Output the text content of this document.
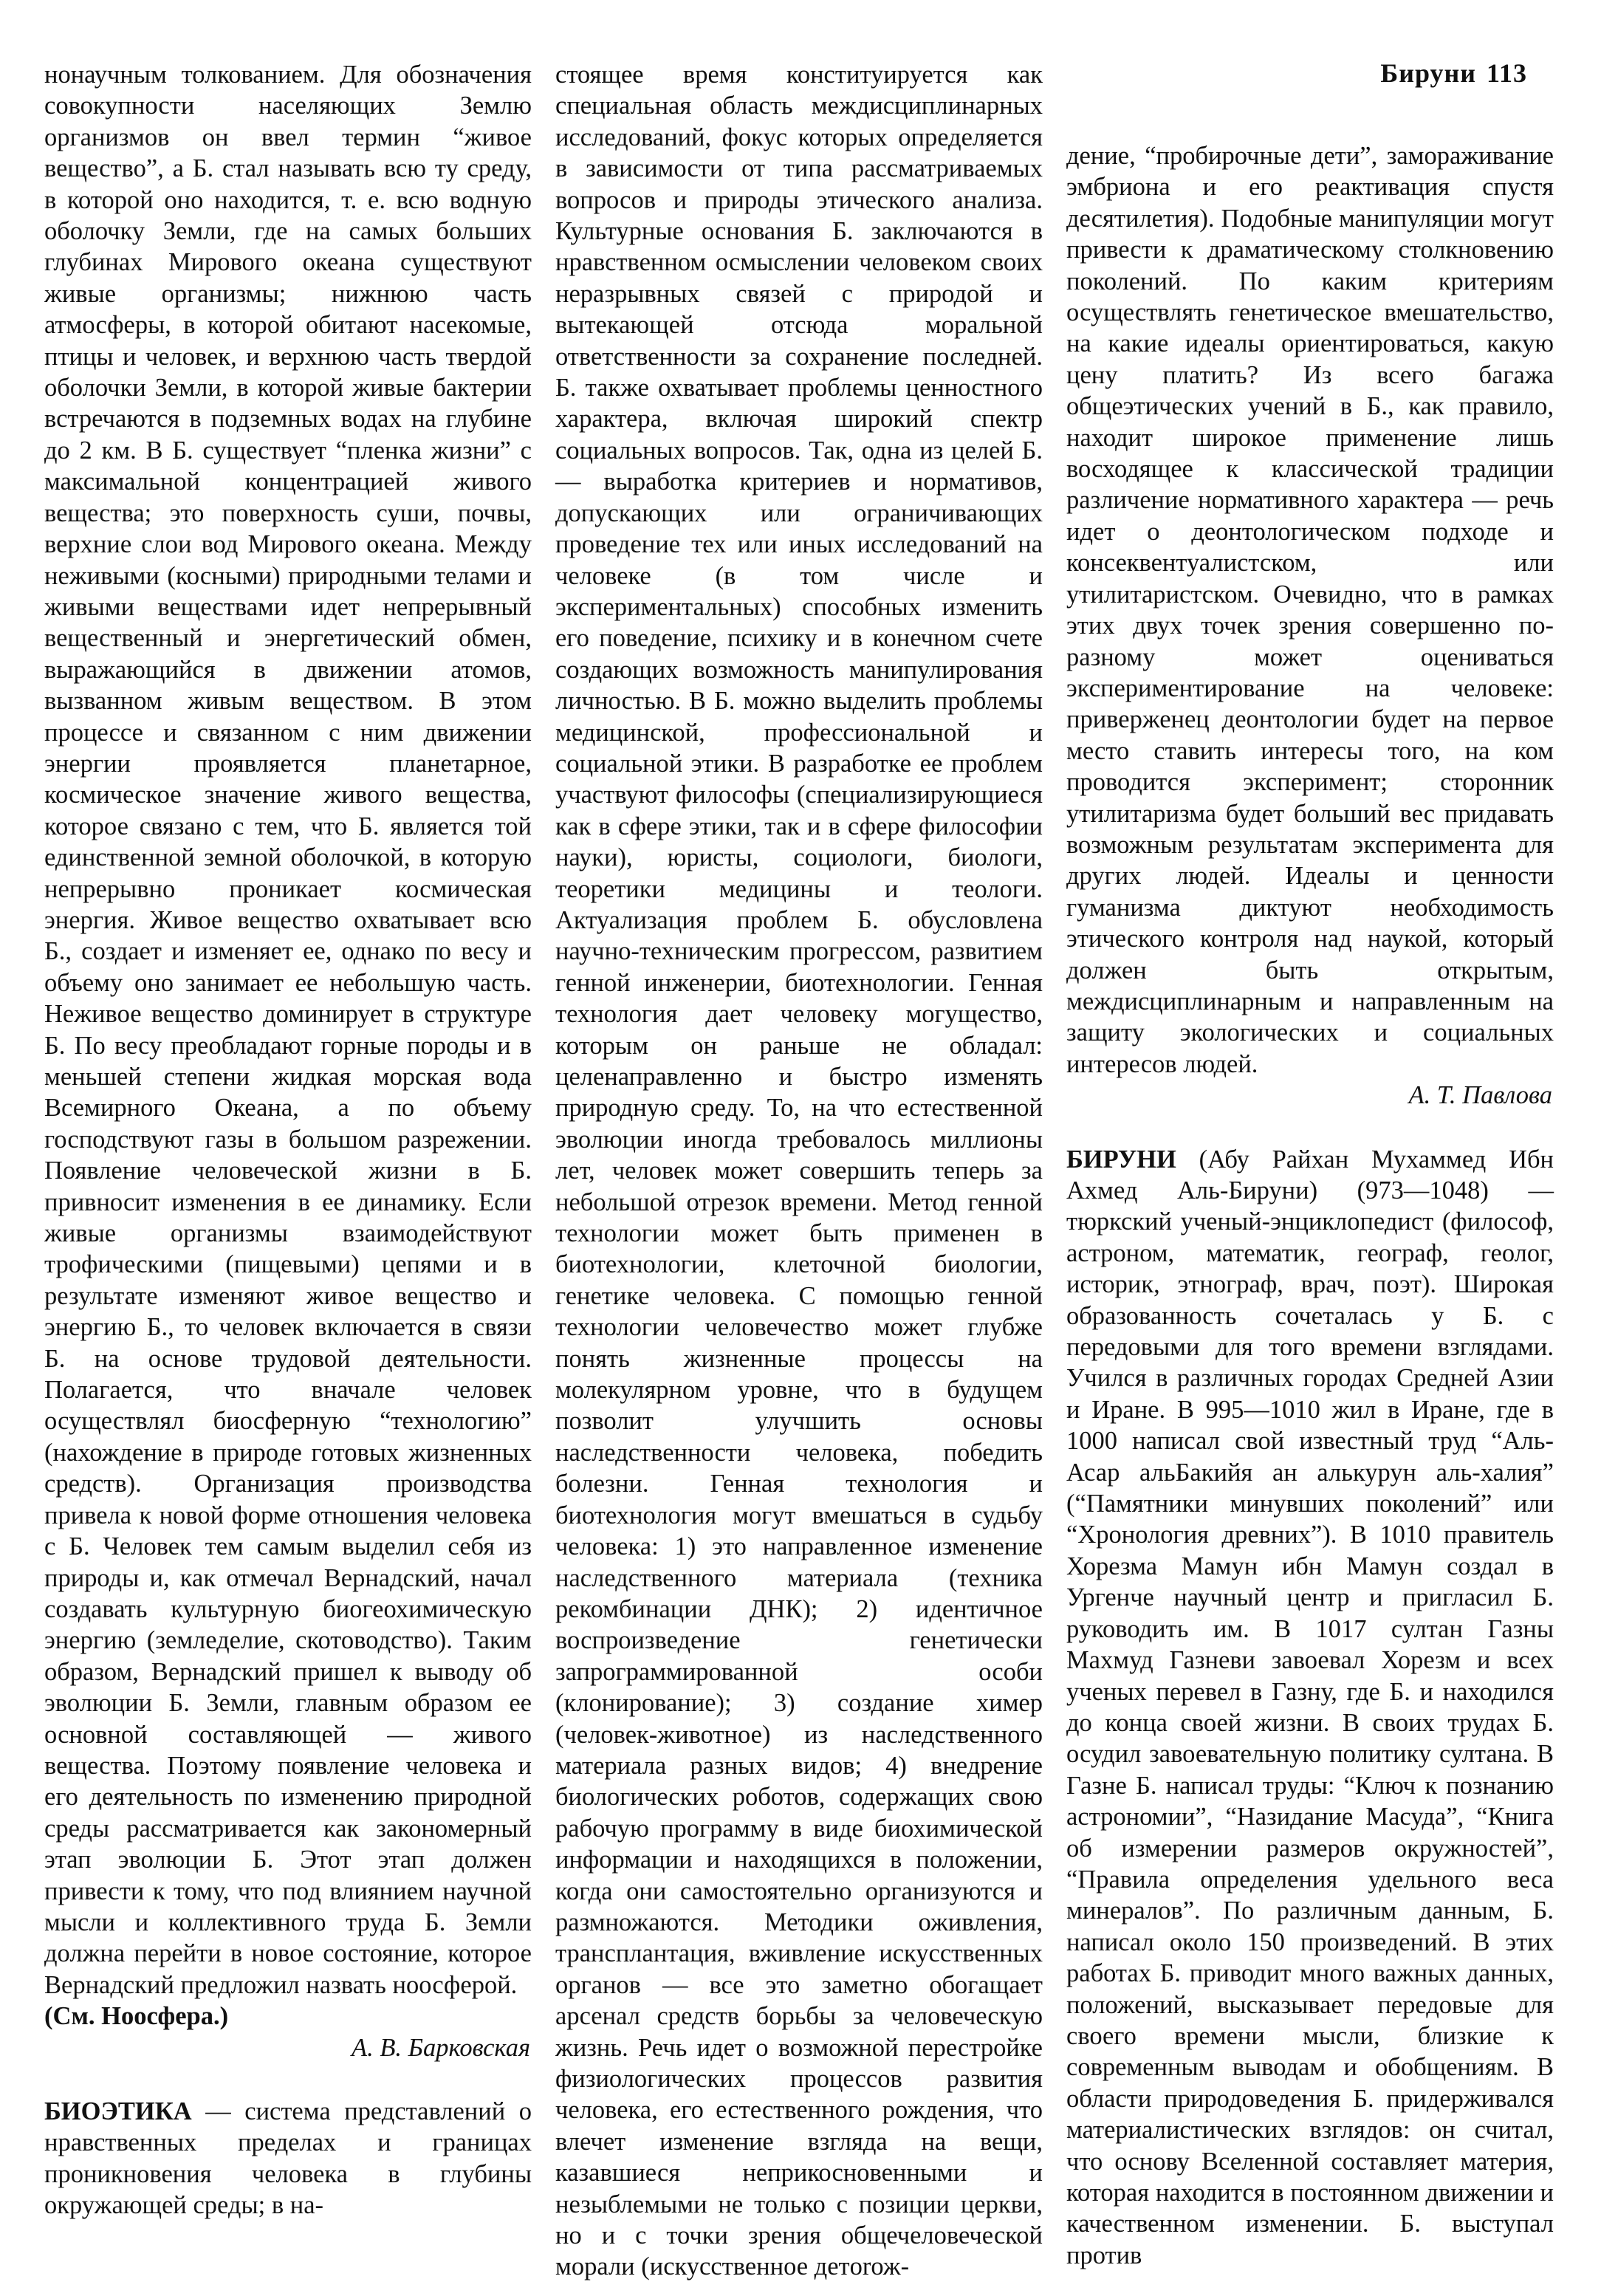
Бируни 113

нонаучным толкованием. Для обозначения совокупности населяющих Землю организмов он ввел термин “живое вещество”, а Б. стал называть всю ту среду, в которой оно находится, т. е. всю водную оболочку Земли, где на самых больших глубинах Мирового океана существуют живые организмы; нижнюю часть атмосферы, в которой обитают насекомые, птицы и человек, и верхнюю часть твердой оболочки Земли, в которой живые бактерии встречаются в подземных водах на глубине до 2 км. В Б. существует “пленка жизни” с максимальной концентрацией живого вещества; это поверхность суши, почвы, верхние слои вод Мирового океана. Между неживыми (косными) природными телами и живыми веществами идет непрерывный вещественный и энергетический обмен, выражающийся в движении атомов, вызванном живым веществом. В этом процессе и связанном с ним движении энергии проявляется планетарное, космическое значение живого вещества, которое связано с тем, что Б. является той единственной земной оболочкой, в которую непрерывно проникает космическая энергия. Живое вещество охватывает всю Б., создает и изменяет ее, однако по весу и объему оно занимает ее небольшую часть. Неживое вещество доминирует в структуре Б. По весу преобладают горные породы и в меньшей степени жидкая морская вода Всемирного Океана, а по объему господствуют газы в большом разрежении. Появление человеческой жизни в Б. привносит изменения в ее динамику. Если живые организмы взаимодействуют трофическими (пищевыми) цепями и в результате изменяют живое вещество и энергию Б., то человек включается в связи Б. на основе трудовой деятельности. Полагается, что вначале человек осуществлял биосферную “технологию” (нахождение в природе готовых жизненных средств). Организация производства привела к новой форме отношения человека с Б. Человек тем самым выделил себя из природы и, как отмечал Вернадский, начал создавать культурную биогеохимическую энергию (земледелие, скотоводство). Таким образом, Вернадский пришел к выводу об эволюции Б. Земли, главным образом ее основной составляющей — живого вещества. Поэтому появление человека и его деятельность по изменению природной среды рассматривается как закономерный этап эволюции Б. Этот этап должен привести к тому, что под влиянием научной мысли и коллективного труда Б. Земли должна перейти в новое состояние, которое Вернадский предложил назвать ноосферой.

(См. Ноосфера.)

А. В. Барковская

БИОЭТИКА — система представлений о нравственных пределах и границах проникновения человека в глубины окружающей среды; в на-

стоящее время конституируется как специальная область междисциплинарных исследований, фокус которых определяется в зависимости от типа рассматриваемых вопросов и природы этического анализа. Культурные основания Б. заключаются в нравственном осмыслении человеком своих неразрывных связей с природой и вытекающей отсюда моральной ответственности за сохранение последней. Б. также охватывает проблемы ценностного характера, включая широкий спектр социальных вопросов. Так, одна из целей Б. — выработка критериев и нормативов, допускающих или ограничивающих проведение тех или иных исследований на человеке (в том числе и экспериментальных) способных изменить его поведение, психику и в конечном счете создающих возможность манипулирования личностью. В Б. можно выделить проблемы медицинской, профессиональной и социальной этики. В разработке ее проблем участвуют философы (специализирующиеся как в сфере этики, так и в сфере философии науки), юристы, социологи, биологи, теоретики медицины и теологи. Актуализация проблем Б. обусловлена научно-техническим прогрессом, развитием генной инженерии, биотехнологии. Генная технология дает человеку могущество, которым он раньше не обладал: целенаправленно и быстро изменять природную среду. То, на что естественной эволюции иногда требовалось миллионы лет, человек может совершить теперь за небольшой отрезок времени. Метод генной технологии может быть применен в биотехнологии, клеточной биологии, генетике человека. С помощью генной технологии человечество может глубже понять жизненные процессы на молекулярном уровне, что в будущем позволит улучшить основы наследственности человека, победить болезни. Генная технология и биотехнология могут вмешаться в судьбу человека: 1) это направленное изменение наследственного материала (техника рекомбинации ДНК); 2) идентичное воспроизведение генетически запрограммированной особи (клонирование); 3) создание химер (человек-животное) из наследственного материала разных видов; 4) внедрение биологических роботов, содержащих свою рабочую программу в виде биохимической информации и находящихся в положении, когда они самостоятельно организуются и размножаются. Методики оживления, трансплантация, вживление искусственных органов — все это заметно обогащает арсенал средств борьбы за человеческую жизнь. Речь идет о возможной перестройке физиологических процессов развития человека, его естественного рождения, что влечет изменение взгляда на вещи, казавшиеся неприкосновенными и незыблемыми не только с позиции церкви, но и с точки зрения общечеловеческой морали (искусственное детorож-

дение, “пробирочные дети”, замораживание эмбриона и его реактивация спустя десятилетия). Подобные манипуляции могут привести к драматическому столкновению поколений. По каким критериям осуществлять генетическое вмешательство, на какие идеалы ориентироваться, какую цену платить? Из всего багажа общеэтических учений в Б., как правило, находит широкое применение лишь восходящее к классической традиции различение нормативного характера — речь идет о деонтологическом подходе и консеквентуалистском, или утилитаристском. Очевидно, что в рамках этих двух точек зрения совершенно по-разному может оцениваться экспериментирование на человеке: приверженец деонтологии будет на первое место ставить интересы того, на ком проводится эксперимент; сторонник утилитаризма будет больший вес придавать возможным результатам эксперимента для других людей. Идеалы и ценности гуманизма диктуют необходимость этического контроля над наукой, который должен быть открытым, междисциплинарным и направленным на защиту экологических и социальных интересов людей.

А. Т. Павлова

БИРУНИ (Абу Райхан Мухаммед Ибн Ахмед Аль-Бируни) (973—1048) — тюркский ученый-энциклопедист (философ, астроном, математик, географ, геолог, историк, этнограф, врач, поэт). Широкая образованность сочеталась у Б. с передовыми для того времени взглядами. Учился в различных городах Средней Азии и Иране. В 995—1010 жил в Иране, где в 1000 написал свой известный труд “Аль-Асар альБакийя ан алькурун аль-халия” (“Памятники минувших поколений” или “Хронология древних”). В 1010 правитель Хорезма Мамун ибн Мамун создал в Ургенче научный центр и пригласил Б. руководить им. В 1017 султан Газны Махмуд Газневи завоевал Хорезм и всех ученых перевел в Газну, где Б. и находился до конца своей жизни. В своих трудах Б. осудил завоевательную политику султана. В Газне Б. написал труды: “Ключ к познанию астрономии”, “Назидание Масуда”, “Книга об измерении размеров окружностей”, “Правила определения удельного веса минералов”. По различным данным, Б. написал около 150 произведений. В этих работах Б. приводит много важных данных, положений, высказывает передовые для своего времени мысли, близкие к современным выводам и обобщениям. В области природоведения Б. придерживался материалистических взглядов: он считал, что основу Вселенной составляет материя, которая находится в постоянном движении и качественном изменении. Б. выступал против
